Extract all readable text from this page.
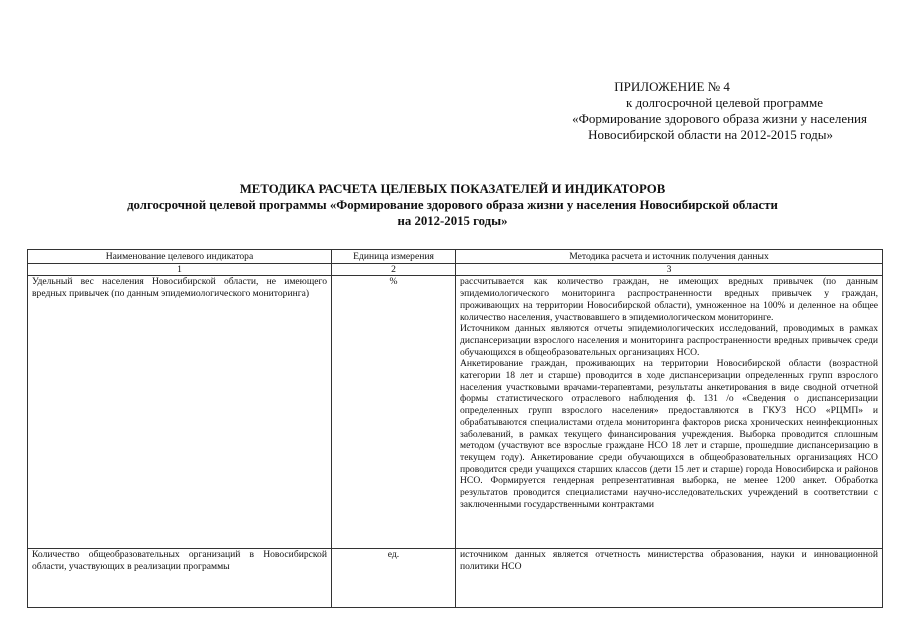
ПРИЛОЖЕНИЕ № 4
к долгосрочной целевой программе
«Формирование здорового образа жизни у населения
Новосибирской области на 2012-2015 годы»
МЕТОДИКА РАСЧЕТА ЦЕЛЕВЫХ ПОКАЗАТЕЛЕЙ И ИНДИКАТОРОВ
долгосрочной целевой программы «Формирование здорового образа жизни у населения Новосибирской области
на 2012-2015 годы»
Наименование целевого индикатора	Единица измерения	Методика расчета и источник получения данных
1	2	3
Удельный вес населения Новосибирской области, не имеющего вредных привычек (по данным эпидемиологического мониторинга)	%	рассчитывается как количество граждан, не имеющих вредных привычек (по данным эпидемиологического мониторинга распространенности вредных привычек у граждан, проживающих на территории Новосибирской области), умноженное на 100% и деленное на общее количество населения, участвовавшего в эпидемиологическом мониторинге.

Источником данных являются отчеты эпидемиологических исследований, проводимых в рамках диспансеризации взрослого населения и мониторинга распространенности вредных привычек среди обучающихся в общеобразовательных организациях НСО.

Анкетирование граждан, проживающих на территории Новосибирской области (возрастной категории 18 лет и старше) проводится в ходе диспансеризации определенных групп взрослого населения участковыми врачами-терапевтами, результаты анкетирования в виде сводной отчетной формы статистического отраслевого наблюдения ф. 131 /о «Сведения о диспансеризации определенных групп взрослого населения» предоставляются в ГКУЗ НСО «РЦМП» и обрабатываются специалистами отдела мониторинга факторов риска хронических неинфекционных заболеваний, в рамках текущего финансирования учреждения. Выборка проводится сплошным методом (участвуют все взрослые граждане НСО 18 лет и старше, прошедшие диспансеризацию в текущем году). Анкетирование среди обучающихся в общеобразовательных организациях НСО проводится среди учащихся старших классов (дети 15 лет и старше) города Новосибирска и районов НСО. Формируется гендерная репрезентативная выборка, не менее 1200 анкет. Обработка результатов проводится специалистами научно-исследовательских учреждений в соответствии с заключенными государственными контрактами

Количество общеобразовательных организаций в Новосибирской области, участвующих в реализации программы	ед.	источником данных является отчетность министерства образования, науки и инновационной политики НСО
